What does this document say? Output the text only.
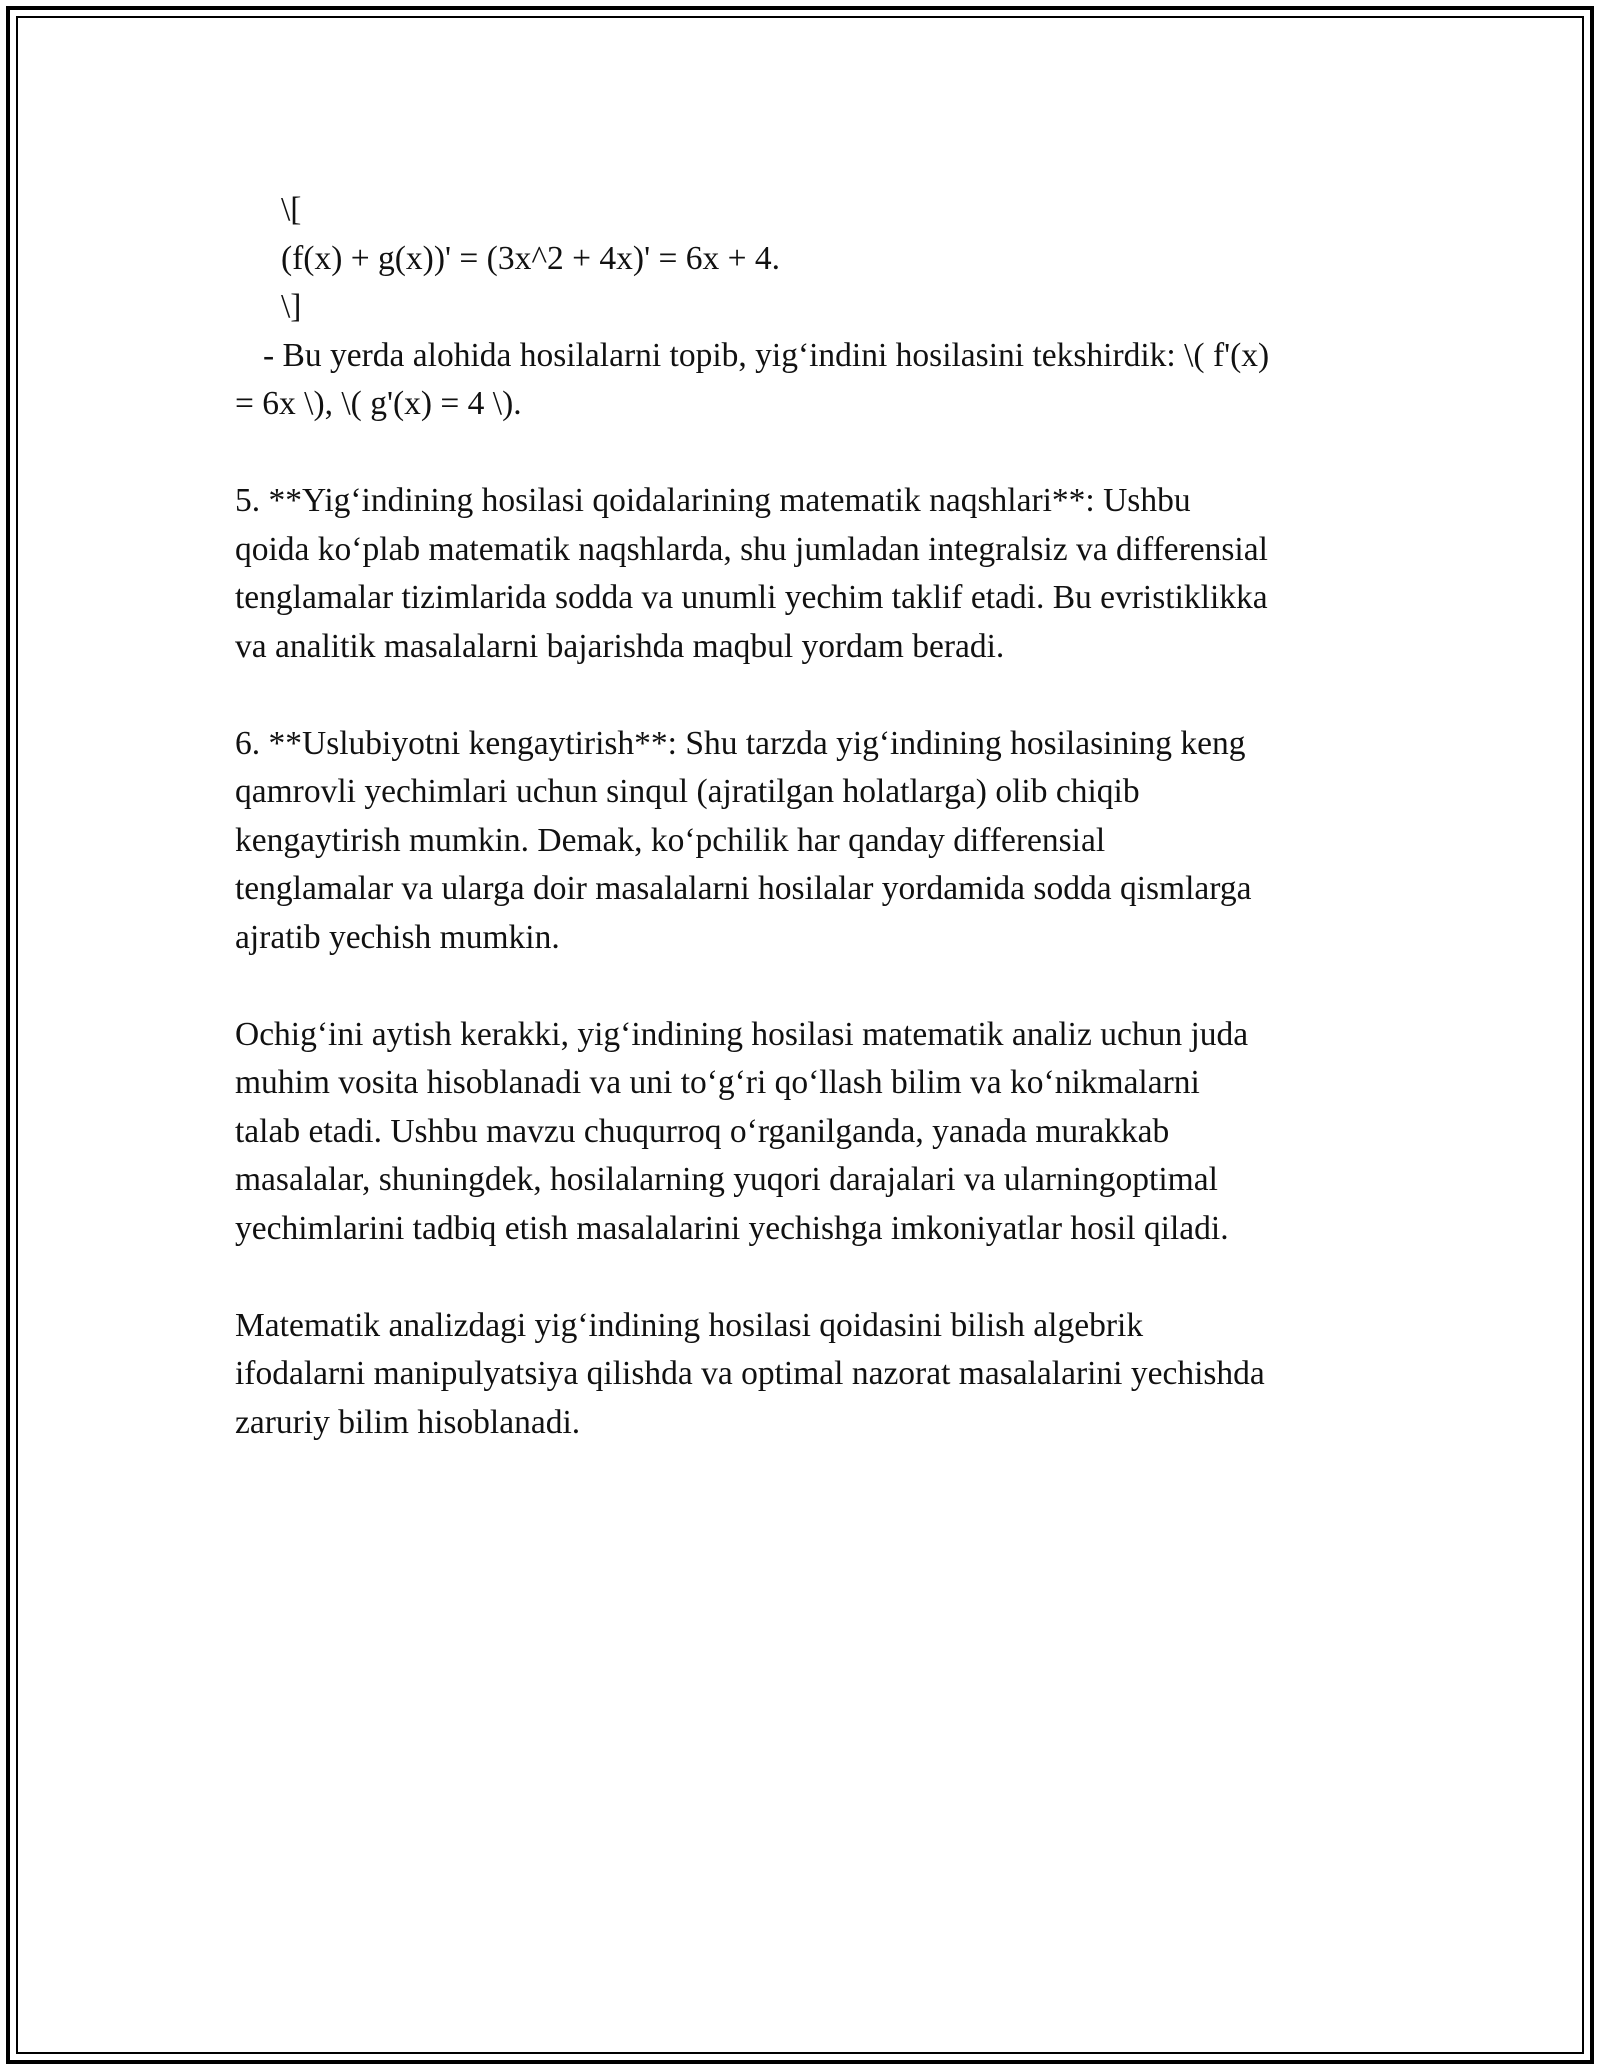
\[
(f(x) + g(x))' = (3x^2 + 4x)' = 6x + 4.
\]
- Bu yerda alohida hosilalarni topib, yig‘indini hosilasini tekshirdik: \( f'(x)
= 6x \), \( g'(x) = 4 \).
5. **Yig‘indining hosilasi qoidalarining matematik naqshlari**: Ushbu
qoida ko‘plab matematik naqshlarda, shu jumladan integralsiz va differensial
tenglamalar tizimlarida sodda va unumli yechim taklif etadi. Bu evristiklikka
va analitik masalalarni bajarishda maqbul yordam beradi.
6. **Uslubiyotni kengaytirish**: Shu tarzda yig‘indining hosilasining keng
qamrovli yechimlari uchun sinqul (ajratilgan holatlarga) olib chiqib
kengaytirish mumkin. Demak, ko‘pchilik har qanday differensial
tenglamalar va ularga doir masalalarni hosilalar yordamida sodda qismlarga
ajratib yechish mumkin.
Ochig‘ini aytish kerakki, yig‘indining hosilasi matematik analiz uchun juda
muhim vosita hisoblanadi va uni to‘g‘ri qo‘llash bilim va ko‘nikmalarni
talab etadi. Ushbu mavzu chuqurroq o‘rganilganda, yanada murakkab
masalalar, shuningdek, hosilalarning yuqori darajalari va ularningoptimal
yechimlarini tadbiq etish masalalarini yechishga imkoniyatlar hosil qiladi.
Matematik analizdagi yig‘indining hosilasi qoidasini bilish algebrik
ifodalarni manipulyatsiya qilishda va optimal nazorat masalalarini yechishda
zaruriy bilim hisoblanadi.
